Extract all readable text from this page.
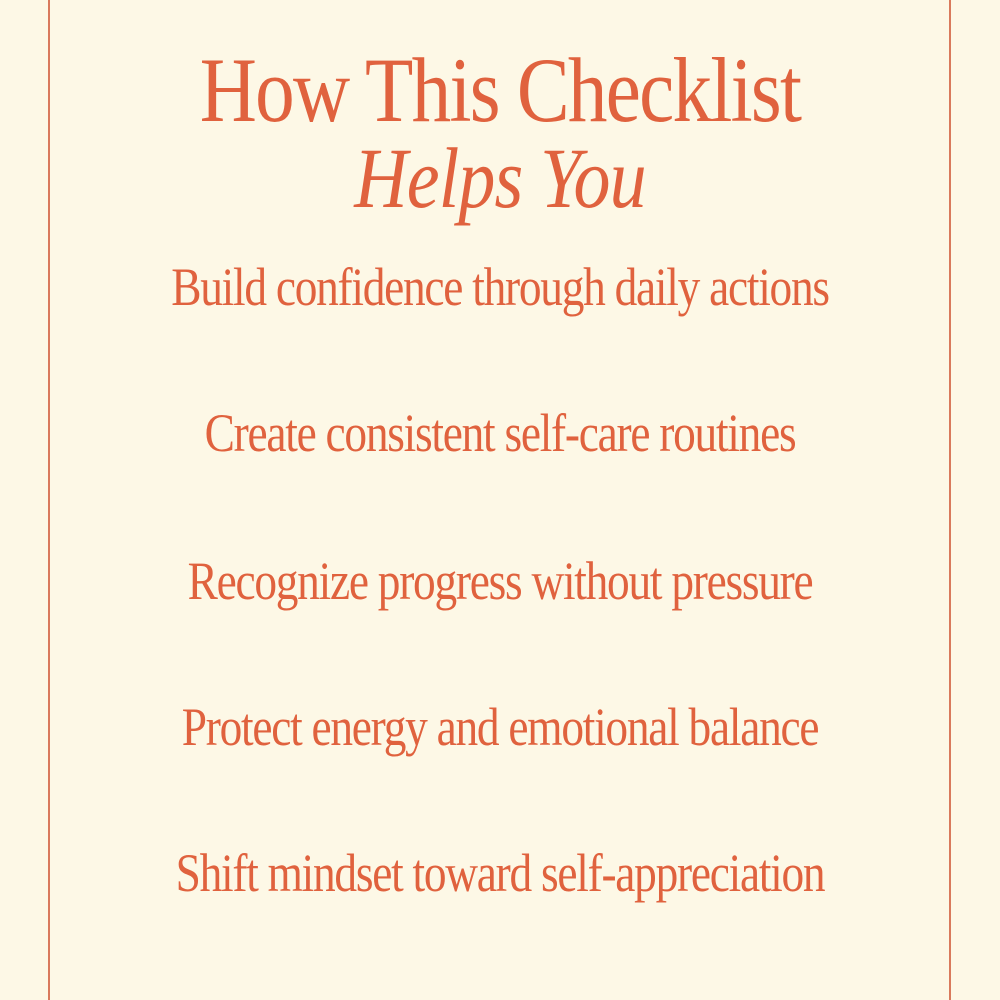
How This Checklist
Helps You
Build confidence through daily actions
Create consistent self-care routines
Recognize progress without pressure
Protect energy and emotional balance
Shift mindset toward self-appreciation
